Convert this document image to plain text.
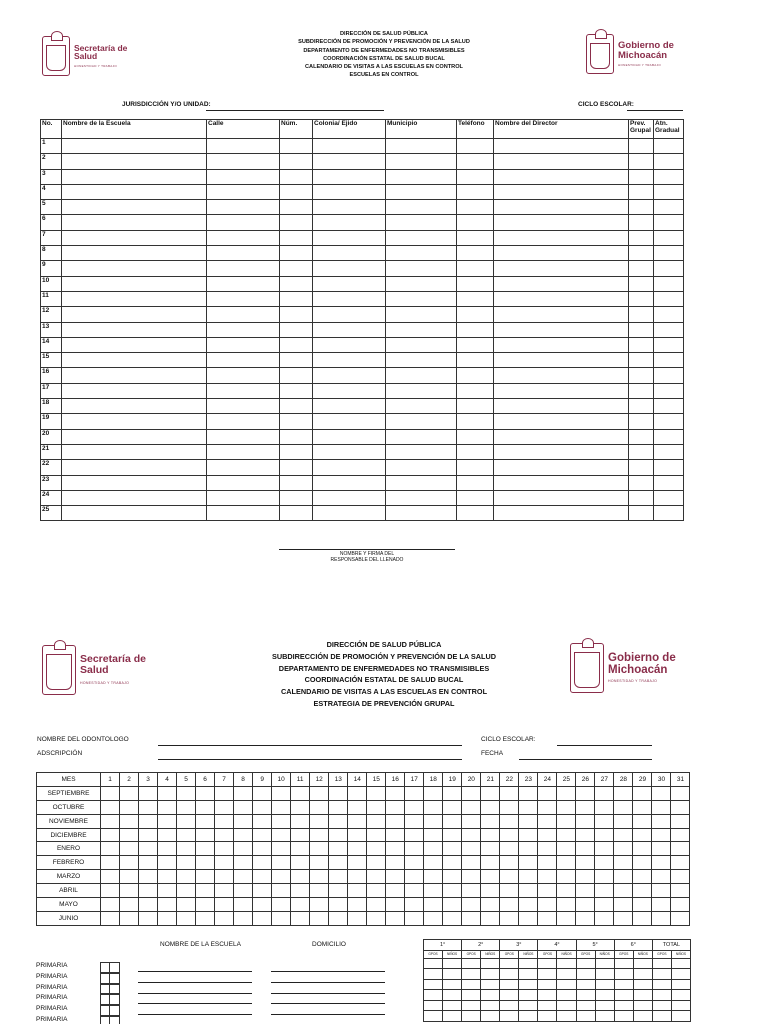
Secretaría de
Salud
HONESTIDAD Y TRABAJO
DIRECCIÓN DE SALUD PÚBLICA
SUBDIRECCIÓN DE PROMOCIÓN Y PREVENCIÓN DE LA SALUD
DEPARTAMENTO DE ENFERMEDADES NO TRANSMISIBLES
COORDINACIÓN ESTATAL DE SALUD BUCAL
CALENDARIO DE VISITAS A LAS ESCUELAS EN CONTROL
ESCUELAS EN CONTROL
Gobierno de
Michoacán
HONESTIDAD Y TRABAJO
JURISDICCIÓN Y/O UNIDAD:	CICLO ESCOLAR:
No.	Nombre de la Escuela	Calle	Núm.	Colonia/ Ejido	Municipio	Teléfono	Nombre del Director	Prev. Grupal	Atn. Gradual
1									
2									
3									
4									
5									
6									
7									
8									
9									
10									
11									
12									
13									
14									
15									
16									
17									
18									
19									
20									
21									
22									
23									
24									
25									
NOMBRE Y FIRMA DEL
RESPONSABLE DEL LLENADO
Secretaría de
Salud
HONESTIDAD Y TRABAJO
DIRECCIÓN DE SALUD PÚBLICA
SUBDIRECCIÓN DE PROMOCIÓN Y PREVENCIÓN DE LA SALUD
DEPARTAMENTO DE ENFERMEDADES NO TRANSMISIBLES
COORDINACIÓN ESTATAL DE SALUD BUCAL
CALENDARIO DE VISITAS A LAS ESCUELAS EN CONTROL
ESTRATEGIA DE PREVENCIÓN GRUPAL
Gobierno de
Michoacán
HONESTIDAD Y TRABAJO
NOMBRE DEL ODONTOLOGO
ADSCRIPCIÓN
CICLO ESCOLAR:
FECHA
MES	1	2	3	4	5	6	7	8	9	10	11	12	13	14	15	16	17	18	19	20	21	22	23	24	25	26	27	28	29	30	31
SEPTIEMBRE																															
OCTUBRE																															
NOVIEMBRE																															
DICIEMBRE																															
ENERO																															
FEBRERO																															
MARZO																															
ABRIL																															
MAYO																															
JUNIO																															
NOMBRE DE LA ESCUELA	DOMICILIO
PRIMARIA
PRIMARIA
PRIMARIA
PRIMARIA
PRIMARIA
PRIMARIA
1°		2°		3°		4°		5°		6°		TOTAL	
GPOS	NIÑOS	GPOS	NIÑOS	GPOS	NIÑOS	GPOS	NIÑOS	GPOS	NIÑOS	GPOS	NIÑOS	GPOS	NIÑOS
